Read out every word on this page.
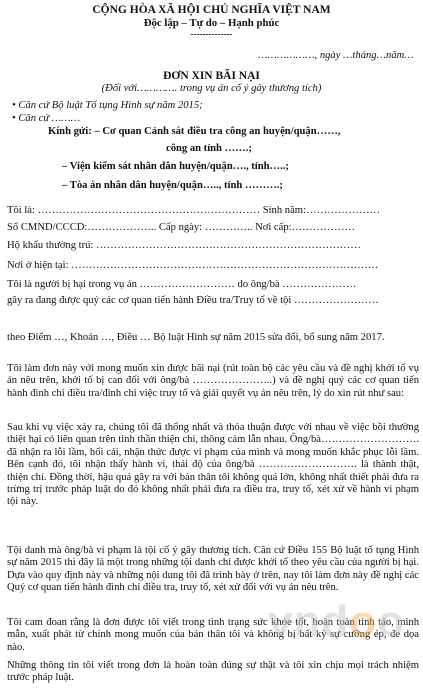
CỘNG HÒA XÃ HỘI CHỦ NGHĨA VIỆT NAM
Độc lập – Tự do – Hạnh phúc
--------------
………………, ngày …tháng…năm…
ĐƠN XIN BÃI NẠI
(Đối với…………. trong vụ án cố ý gây thương tích)
• Căn cứ Bộ luật Tố tụng Hình sự năm 2015;
• Căn cứ ………
Kính gửi: – Cơ quan Cảnh sát điều tra công an huyện/quận……,
công an tỉnh …….;
– Viện kiểm sát nhân dân huyện/quận…., tỉnh…..;
– Tòa án nhân dân huyện/quận….., tỉnh ……….;
Tôi là: ……………………………………………………… Sinh năm:…………………
Số CMND/CCCD:……………….. Cấp ngày: ………….. Nơi cấp:………………
Hộ khẩu thường trú: …………………………………………………………………
Nơi ở hiện tại: ……………………………………………………………………………
Tôi là người bị hại trong vụ án ……………………… do ông/bà …………………
gây ra đang được quý các cơ quan tiến hành Điều tra/Truy tố về tội ……………………
theo Điểm …, Khoản …, Điều … Bộ luật Hình sự năm 2015 sửa đổi, bổ sung năm 2017.
Tôi làm đơn này với mong muốn xin được bãi nại (rút toàn bộ các yêu cầu và đề nghị khởi tố vụ án nêu trên, khởi tố bị can đối với ông/bà …………………..) và đề nghị quý các cơ quan tiến hành đình chỉ điều tra/đình chỉ việc truy tố và giải quyết vụ án nêu trên, lý do xin rút như sau:
Sau khi vụ việc xảy ra, chúng tôi đã thống nhất và thỏa thuận được với nhau về việc bồi thường thiệt hại có liên quan trên tinh thần thiện chí, thông cảm lẫn nhau. Ông/bà………………………. đã nhận ra lỗi lầm, hối cải, nhận thức được vi phạm của mình và mong muốn khắc phục lỗi lầm. Bên cạnh đó, tôi nhận thấy hành vi, thái độ của ông/bà ………………………. là thành thật, thiện chí. Đồng thời, hậu quả gây ra với bản thân tôi không quá lớn, không nhất thiết phải đưa ra trừng trị trước pháp luật do đó không nhất phải đưa ra điều tra, truy tố, xét xử về hành vi phạm tội này.
Tội danh mà ông/bà vi phạm là tội cố ý gây thương tích. Căn cứ Điều 155 Bộ luật tố tụng Hình sự năm 2015 thì đây là một trong những tội danh chỉ được khởi tố theo yêu cầu của người bị hại. Dựa vào quy định này và những nội dung tôi đã trình bày ở trên, nay tôi làm đơn này đề nghị các Quý cơ quan tiến hành đình chỉ điều tra, truy tố, xét xử đối với vụ án nêu trên.
Tôi cam đoan rằng là đơn được tôi viết trong tình trạng sức khỏe tốt, hoàn toàn tỉnh táo, minh mẫn, xuất phát từ chính mong muốn của bản thân tôi và không bị bất kỳ sự cưỡng ép, đe dọa nào.
Những thông tin tôi viết trong đơn là hoàn toàn đúng sự thật và tôi xin chịu mọi trách nhiệm trước pháp luật.
vndoo
